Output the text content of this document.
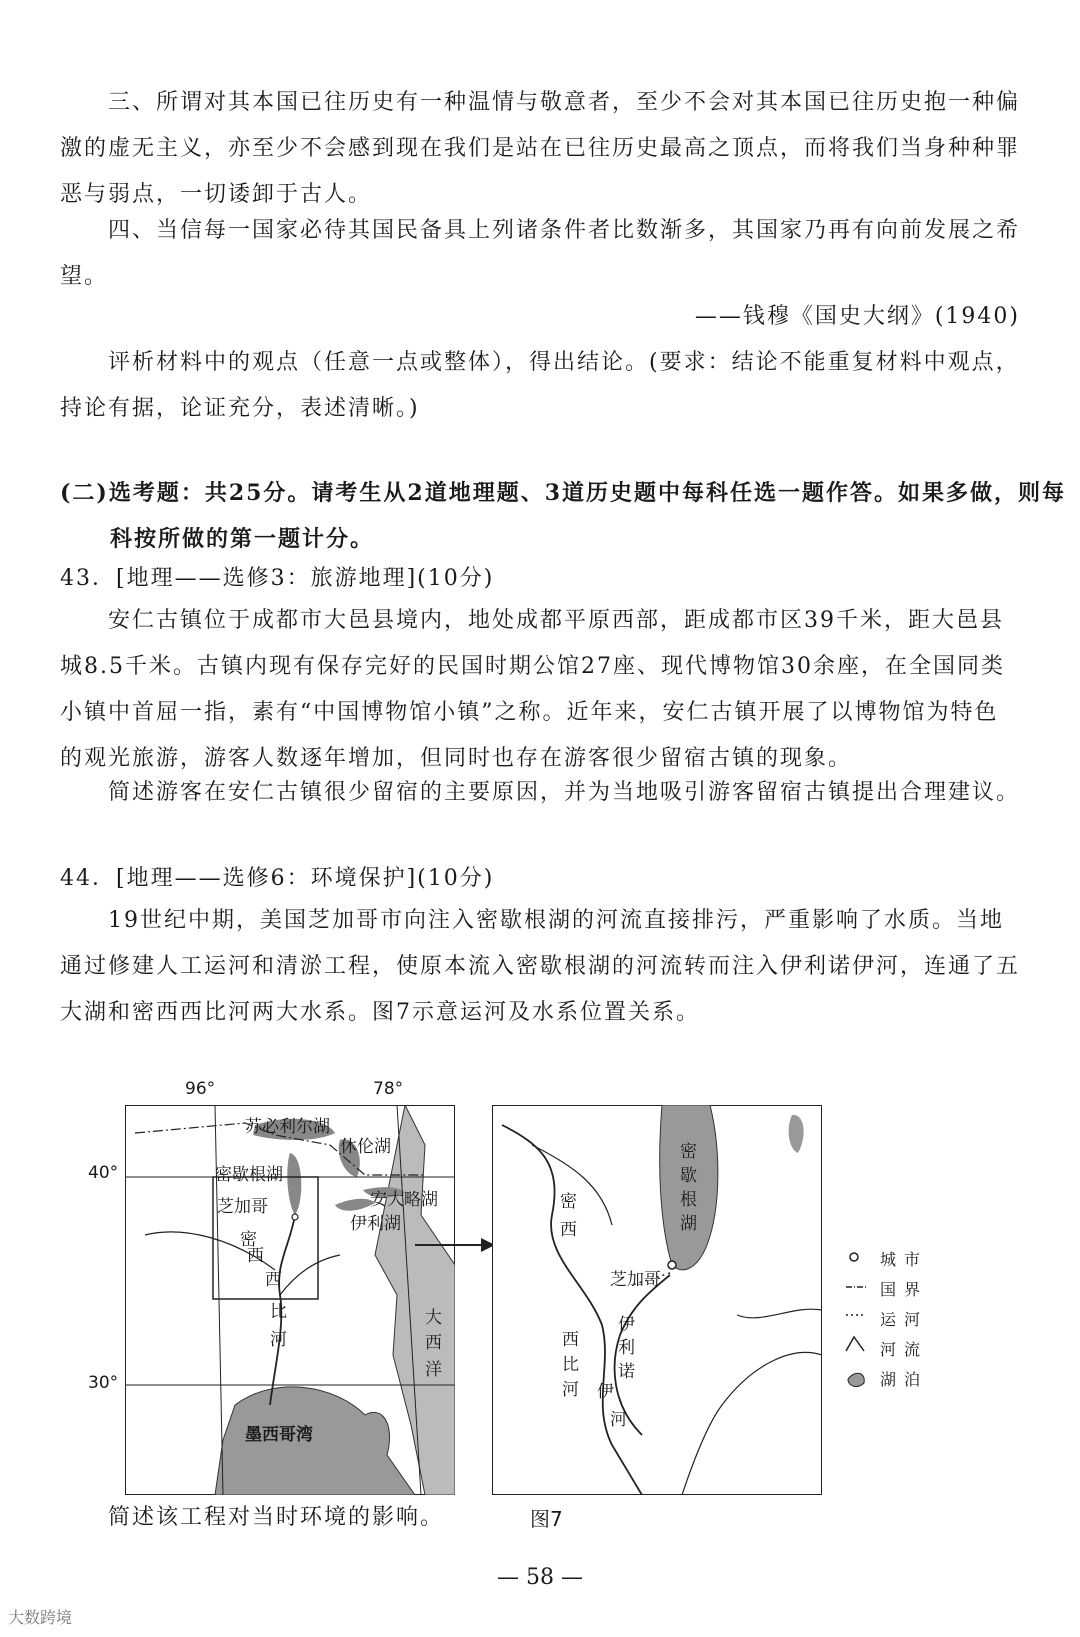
三、所谓对其本国已往历史有一种温情与敬意者，至少不会对其本国已往历史抱一种偏激的虚无主义，亦至少不会感到现在我们是站在已往历史最高之顶点，而将我们当身种种罪恶与弱点，一切诿卸于古人。

四、当信每一国家必待其国民备具上列诸条件者比数渐多，其国家乃再有向前发展之希望。

——钱穆《国史大纲》(1940)

评析材料中的观点（任意一点或整体），得出结论。(要求：结论不能重复材料中观点，持论有据，论证充分，表述清晰。)

(二)选考题：共25分。请考生从2道地理题、3道历史题中每科任选一题作答。如果多做，则每科按所做的第一题计分。

43．[地理——选修3：旅游地理](10分)

安仁古镇位于成都市大邑县境内，地处成都平原西部，距成都市区39千米，距大邑县城8.5千米。古镇内现有保存完好的民国时期公馆27座、现代博物馆30余座，在全国同类小镇中首屈一指，素有“中国博物馆小镇”之称。近年来，安仁古镇开展了以博物馆为特色的观光旅游，游客人数逐年增加，但同时也存在游客很少留宿古镇的现象。

简述游客在安仁古镇很少留宿的主要原因，并为当地吸引游客留宿古镇提出合理建议。

44．[地理——选修6：环境保护](10分)

19世纪中期，美国芝加哥市向注入密歇根湖的河流直接排污，严重影响了水质。当地通过修建人工运河和清淤工程，使原本流入密歇根湖的河流转而注入伊利诺伊河，连通了五大湖和密西西比河两大水系。图7示意运河及水系位置关系。

简述该工程对当时环境的影响。

96°	78°
40°
30°
苏必利尔湖
休伦湖
密歇根湖
安大略湖
芝加哥
伊利湖
密
西
西
比
河
大
西
洋
墨西哥湾
密
歇
根
湖
密
西
芝加哥
西
比
河
伊
利
诺
伊
河
城市
国界
运河
河流
湖泊
图7
— 58 —
大数跨境
